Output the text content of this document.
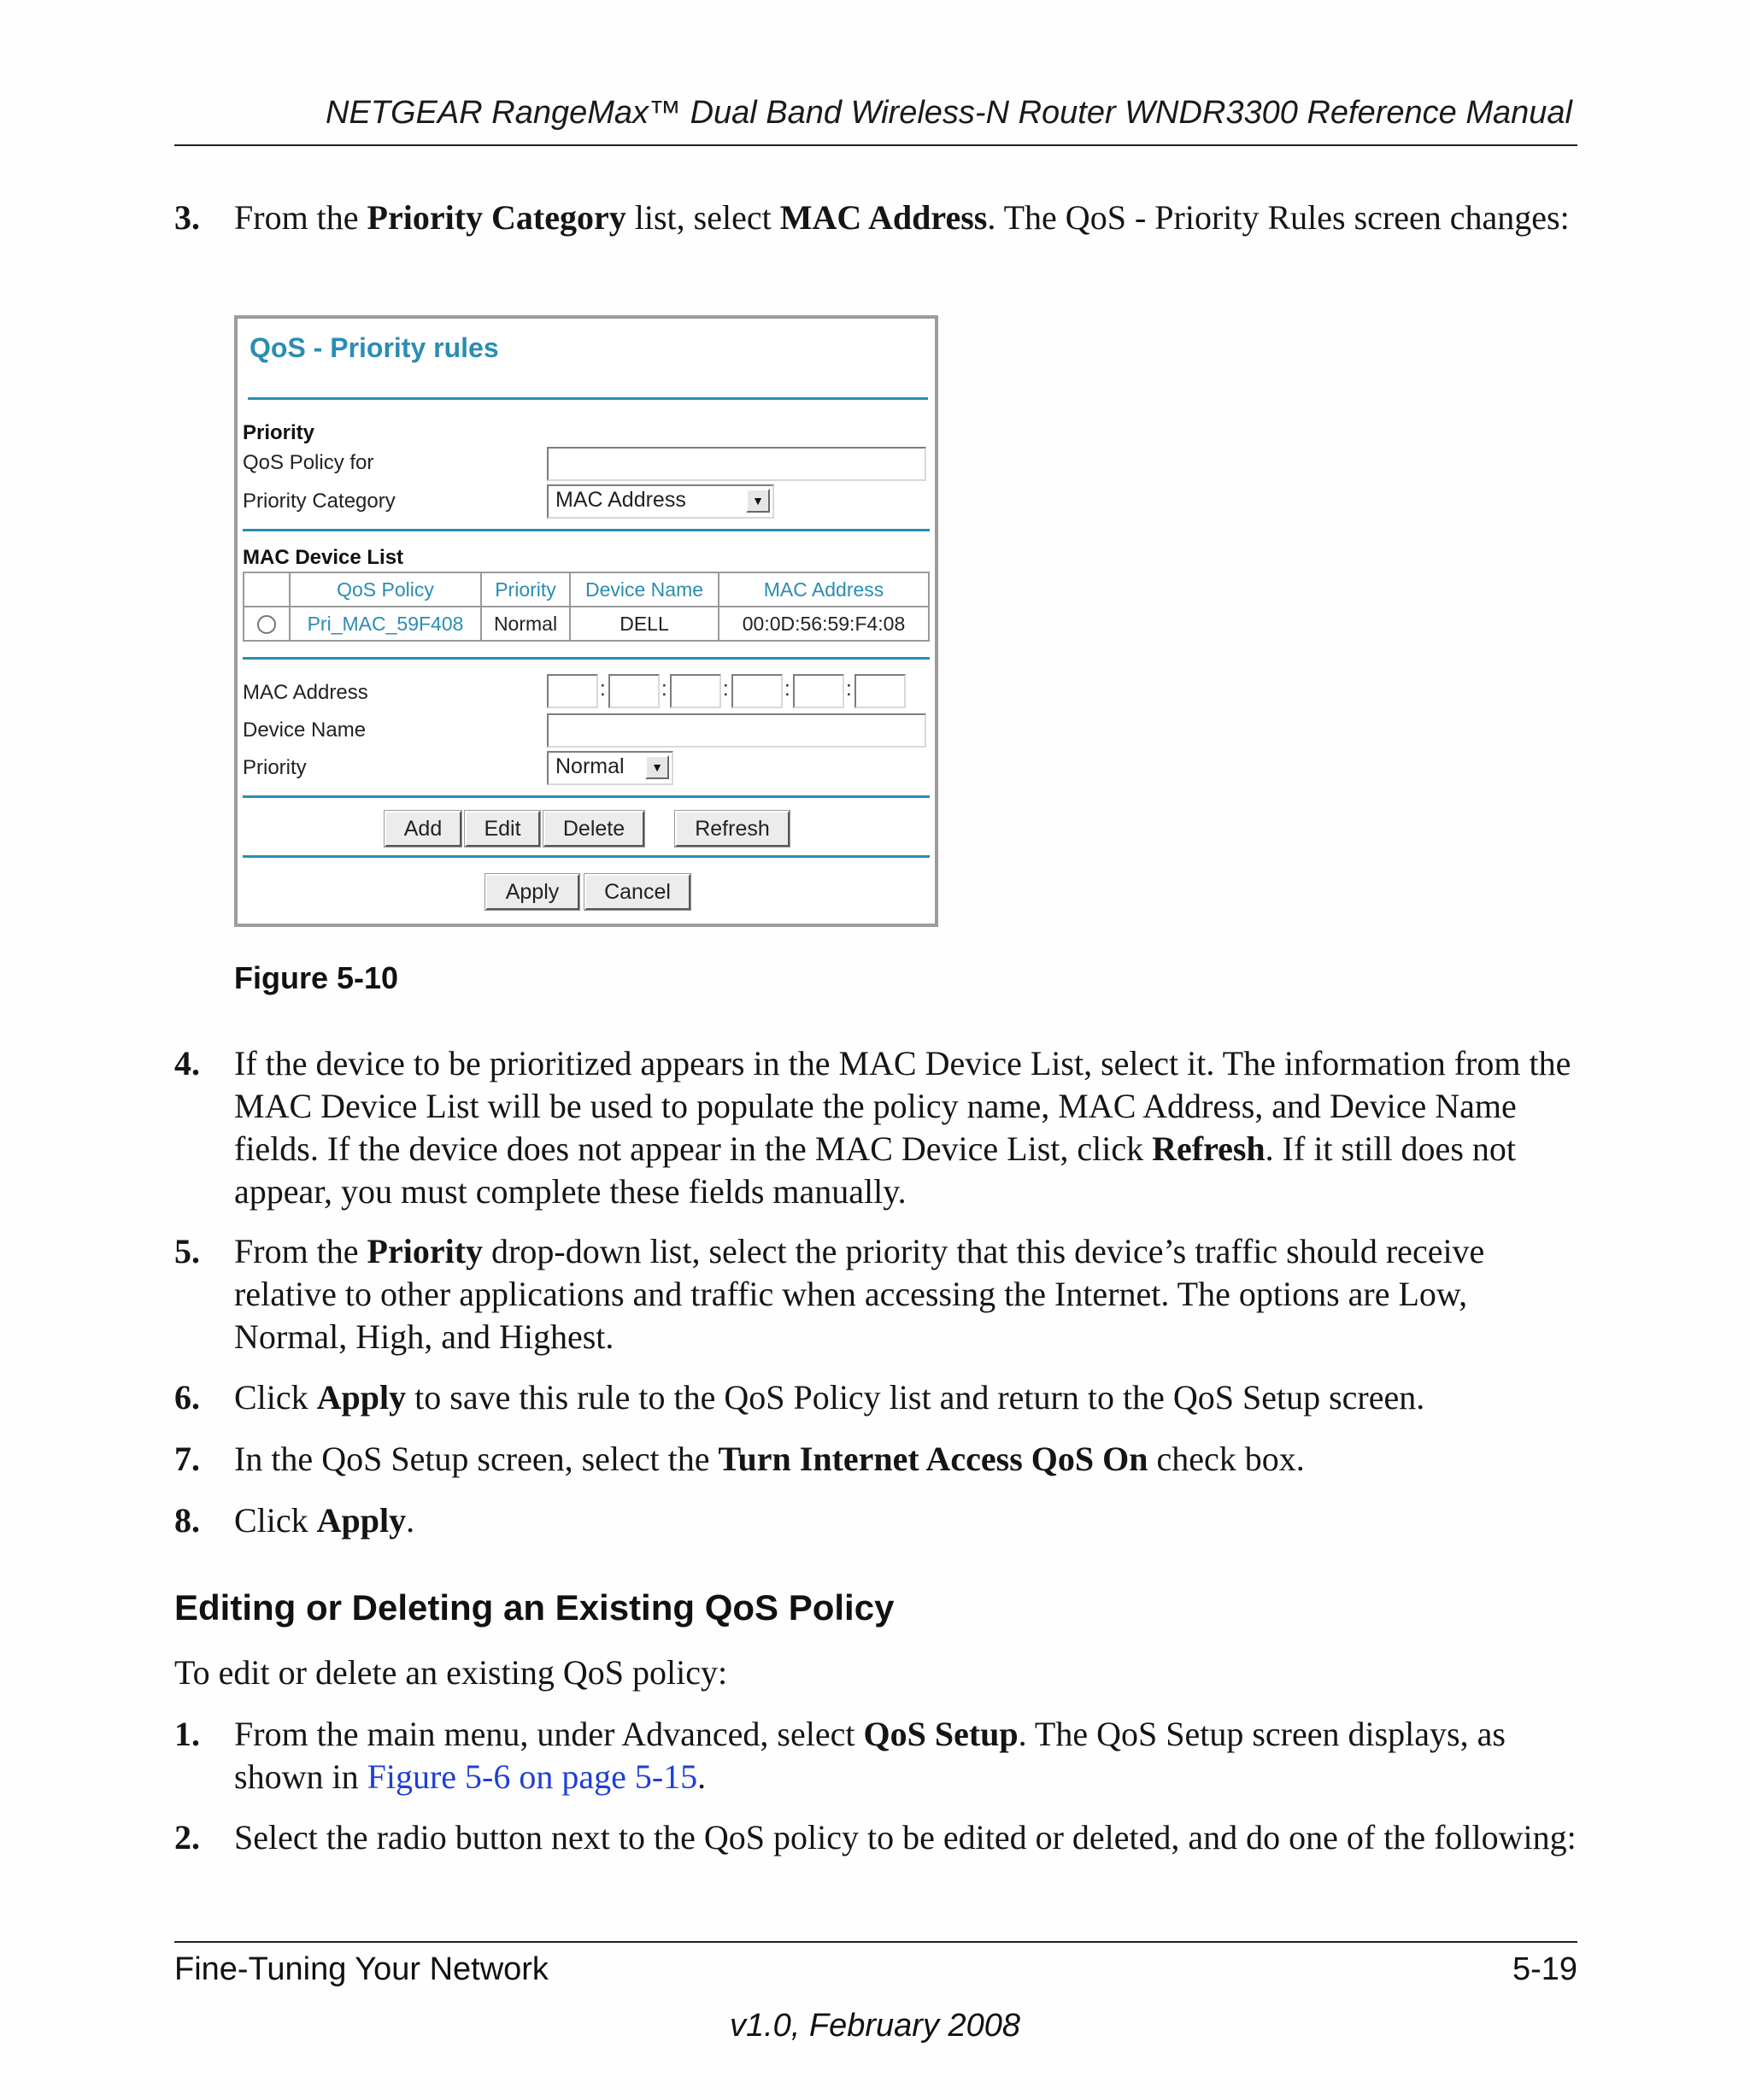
NETGEAR RangeMax™ Dual Band Wireless-N Router WNDR3300 Reference Manual
3. From the Priority Category list, select MAC Address. The QoS - Priority Rules screen changes:
QoS - Priority rules
Priority
QoS Policy for
Priority Category	MAC Address	▼
MAC Device List
	QoS Policy	Priority	Device Name	MAC Address
	Pri_MAC_59F408	Normal	DELL	00:0D:56:59:F4:08
MAC Address	:	:	:	:	:
Device Name
Priority	Normal	▼
Add	Edit	Delete	Refresh
Apply	Cancel
Figure 5-10
4. If the device to be prioritized appears in the MAC Device List, select it. The information from the MAC Device List will be used to populate the policy name, MAC Address, and Device Name fields. If the device does not appear in the MAC Device List, click Refresh. If it still does not appear, you must complete these fields manually.
5. From the Priority drop-down list, select the priority that this device’s traffic should receive relative to other applications and traffic when accessing the Internet. The options are Low, Normal, High, and Highest.
6. Click Apply to save this rule to the QoS Policy list and return to the QoS Setup screen.
7. In the QoS Setup screen, select the Turn Internet Access QoS On check box.
8. Click Apply.
Editing or Deleting an Existing QoS Policy
To edit or delete an existing QoS policy:
1. From the main menu, under Advanced, select QoS Setup. The QoS Setup screen displays, as shown in Figure 5-6 on page 5-15.
2. Select the radio button next to the QoS policy to be edited or deleted, and do one of the following:
Fine-Tuning Your Network	5-19
v1.0, February 2008
